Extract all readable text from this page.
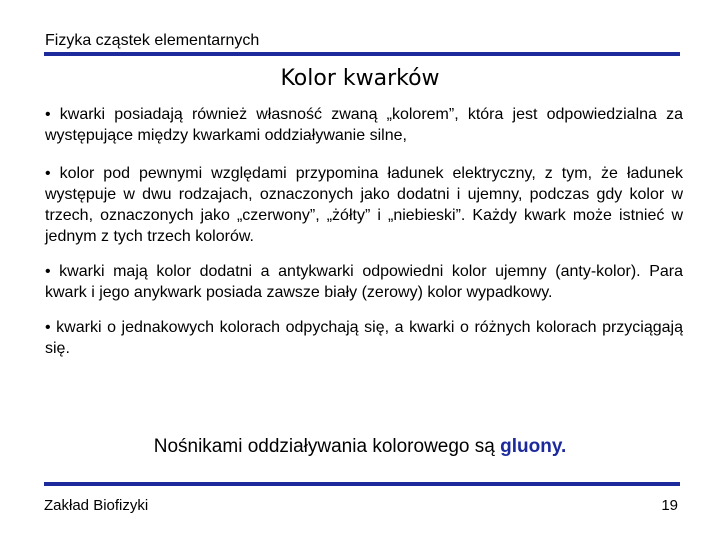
Fizyka cząstek elementarnych
Kolor kwarków

• kwarki posiadają również własność zwaną „kolorem”, która jest odpowiedzialna za występujące między kwarkami oddziaływanie silne,

• kolor pod pewnymi względami przypomina ładunek elektryczny, z tym, że ładunek występuje w dwu rodzajach, oznaczonych jako dodatni i ujemny, podczas gdy kolor w trzech, oznaczonych jako „czerwony”, „żółty” i „niebieski”. Każdy kwark może istnieć w jednym z tych trzech kolorów.

• kwarki mają kolor dodatni a antykwarki odpowiedni kolor ujemny (anty-kolor). Para kwark i jego anykwark posiada zawsze biały (zerowy) kolor wypadkowy.

• kwarki o jednakowych kolorach odpychają się, a kwarki o różnych kolorach przyciągają się.

Nośnikami oddziaływania kolorowego są gluony.
Zakład Biofizyki	19
